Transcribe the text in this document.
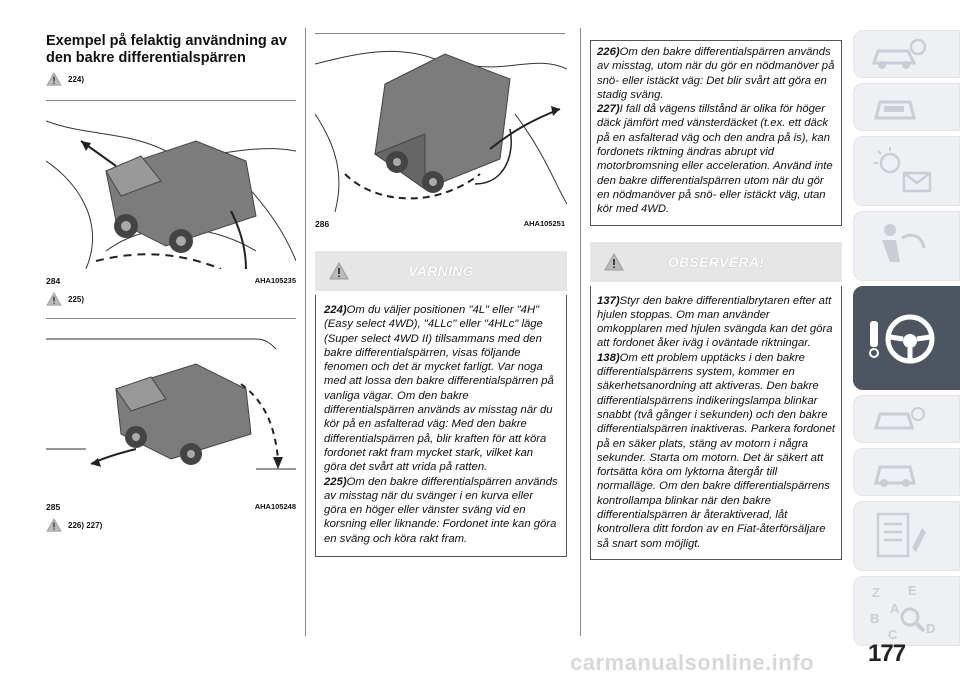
Exempel på felaktig användning av den bakre differentialspärren
224)
284	AHA105235
225)
285	AHA105248
226) 227)
286	AHA105251
VARNING

224)Om du väljer positionen "4L" eller "4H" (Easy select 4WD), "4LLc" eller "4HLc" läge (Super select 4WD II) tillsammans med den bakre differentialspärren, visas följande fenomen och det är mycket farligt. Var noga med att lossa den bakre differentialspärren på vanliga vägar. Om den bakre differentialspärren används av misstag när du kör på en asfalterad väg: Med den bakre differentialspärren på, blir kraften för att köra fordonet rakt fram mycket stark, vilket kan göra det svårt att vrida på ratten.

225)Om den bakre differentialspärren används av misstag när du svänger i en kurva eller göra en höger eller vänster sväng vid en korsning eller liknande: Fordonet inte kan göra en sväng och köra rakt fram.

226)Om den bakre differentialspärren används av misstag, utom när du gör en nödmanöver på snö- eller istäckt väg: Det blir svårt att göra en stadig sväng.

227)I fall då vägens tillstånd är olika för höger däck jämfört med vänsterdäcket (t.ex. ett däck på en asfalterad väg och den andra på is), kan fordonets riktning ändras abrupt vid motorbromsning eller acceleration. Använd inte den bakre differentialspärren utom när du gör en nödmanöver på snö- eller istäckt väg, utan kör med 4WD.

OBSERVERA!

137)Styr den bakre differentialbrytaren efter att hjulen stoppas. Om man använder omkopplaren med hjulen svängda kan det göra att fordonet åker iväg i oväntade riktningar.

138)Om ett problem upptäcks i den bakre differentialspärrens system, kommer en säkerhetsanordning att aktiveras. Den bakre differentialspärrens indikeringslampa blinkar snabbt (två gånger i sekunden) och den bakre differentialspärren inaktiveras. Parkera fordonet på en säker plats, stäng av motorn i några sekunder. Starta om motorn. Det är säkert att fortsätta köra om lyktorna återgår till normalläge. Om den bakre differentialspärrens kontrollampa blinkar när den bakre differentialspärren är återaktiverad, låt kontrollera ditt fordon av en Fiat-återförsäljare så snart som möjligt.

Z E
B
C D
A
177
carmanualsonline.info
